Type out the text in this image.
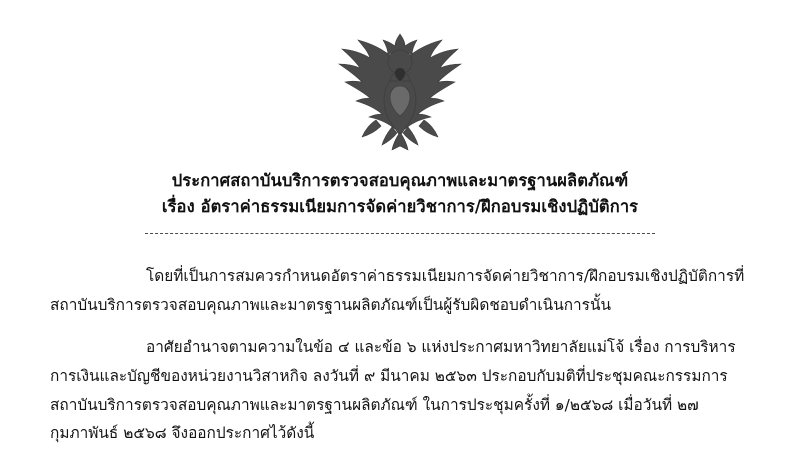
ประกาศสถาบันบริการตรวจสอบคุณภาพและมาตรฐานผลิตภัณฑ์
เรื่อง อัตราค่าธรรมเนียมการจัดค่ายวิชาการ/ฝึกอบรมเชิงปฏิบัติการ

โดยที่เป็นการสมควรกำหนดอัตราค่าธรรมเนียมการจัดค่ายวิชาการ/ฝึกอบรมเชิงปฏิบัติการที่สถาบันบริการตรวจสอบคุณภาพและมาตรฐานผลิตภัณฑ์เป็นผู้รับผิดชอบดำเนินการนั้น

อาศัยอำนาจตามความในข้อ ๔ และข้อ ๖ แห่งประกาศมหาวิทยาลัยแม่โจ้ เรื่อง การบริหารการเงินและบัญชีของหน่วยงานวิสาหกิจ ลงวันที่ ๙ มีนาคม ๒๕๖๓ ประกอบกับมติที่ประชุมคณะกรรมการสถาบันบริการตรวจสอบคุณภาพและมาตรฐานผลิตภัณฑ์ ในการประชุมครั้งที่ ๑/๒๕๖๘ เมื่อวันที่ ๒๗ กุมภาพันธ์ ๒๕๖๘ จึงออกประกาศไว้ดังนี้
